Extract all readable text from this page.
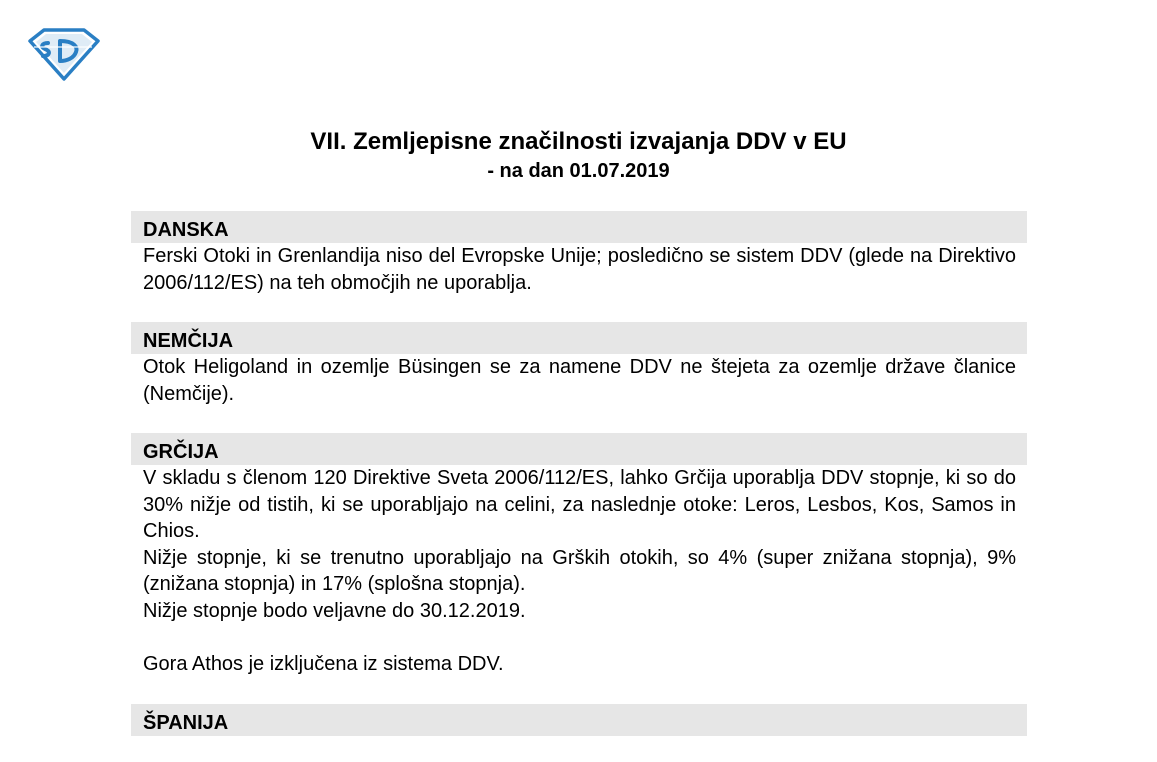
VII. Zemljepisne značilnosti izvajanja DDV v EU

- na dan 01.07.2019

DANSKA

Ferski Otoki in Grenlandija niso del Evropske Unije; posledično se sistem DDV (glede na Direktivo 2006/112/ES) na teh območjih ne uporablja.

NEMČIJA

Otok Heligoland in ozemlje Büsingen se za namene DDV ne štejeta za ozemlje države članice (Nemčije).

GRČIJA

V skladu s členom 120 Direktive Sveta 2006/112/ES, lahko Grčija uporablja DDV stopnje, ki so do 30% nižje od tistih, ki se uporabljajo na celini, za naslednje otoke: Leros, Lesbos, Kos, Samos in Chios.

Nižje stopnje, ki se trenutno uporabljajo na Grških otokih, so 4% (super znižana stopnja), 9% (znižana stopnja) in 17% (splošna stopnja).

Nižje stopnje bodo veljavne do 30.12.2019.

Gora Athos je izključena iz sistema DDV.

ŠPANIJA
